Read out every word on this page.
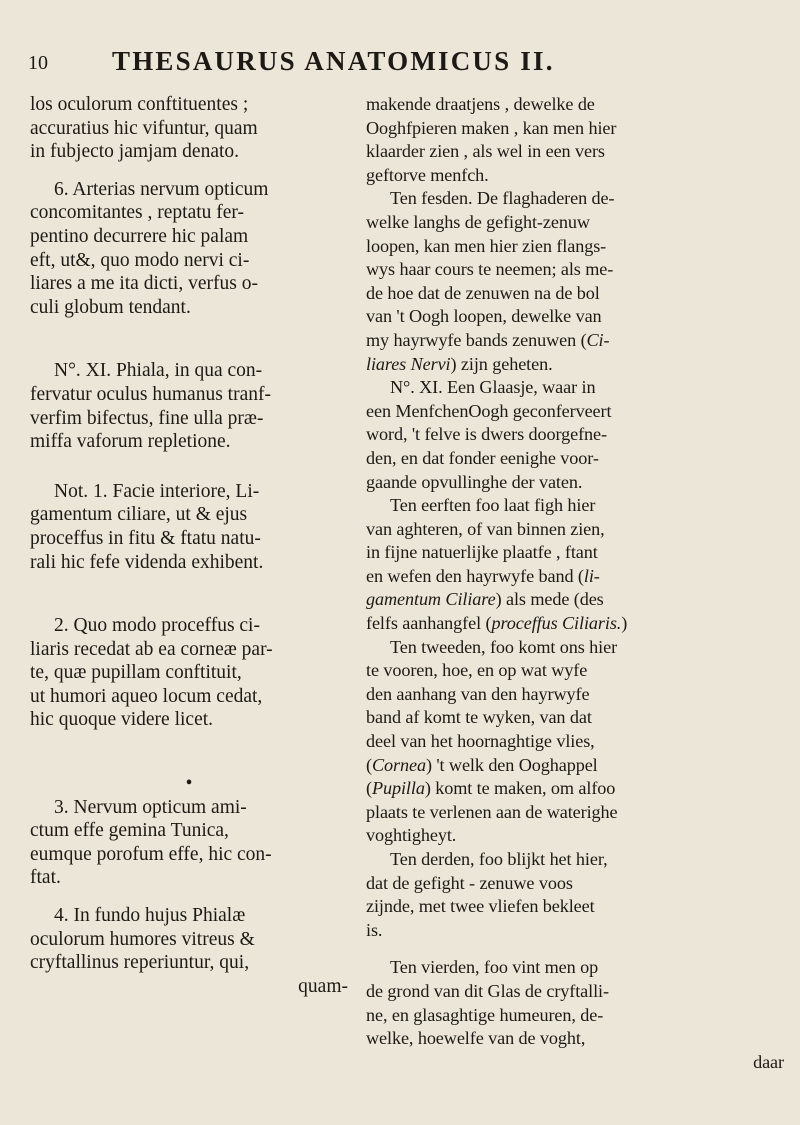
10 THESAURUS ANATOMICUS II.

los oculorum conftituentes ;

accuratius hic vifuntur, quam

in fubjecto jamjam denato.

6. Arterias nervum opticum

concomitantes , reptatu fer-

pentino decurrere hic palam

eft, ut&, quo modo nervi ci-

liares a me ita dicti, verfus o-

culi globum tendant.

N°. XI. Phiala, in qua con-

fervatur oculus humanus tranf-

verfim bifectus, fine ulla præ-

miffa vaforum repletione.

Not. 1. Facie interiore, Li-

gamentum ciliare, ut & ejus

proceffus in fitu & ftatu natu-

rali hic fefe videnda exhibent.

2. Quo modo proceffus ci-

liaris recedat ab ea corneæ par-

te, quæ pupillam conftituit,

ut humori aqueo locum cedat,

hic quoque videre licet.

•

3. Nervum opticum ami-

ctum effe gemina Tunica,

eumque porofum effe, hic con-

ftat.

4. In fundo hujus Phialæ

oculorum humores vitreus &

cryftallinus reperiuntur, qui,

quam-

makende draatjens , dewelke de

Ooghfpieren maken , kan men hier

klaarder zien , als wel in een vers

geftorve menfch.

Ten fesden. De flaghaderen de-

welke langhs de gefight-zenuw

loopen, kan men hier zien flangs-

wys haar cours te neemen; als me-

de hoe dat de zenuwen na de bol

van 't Oogh loopen, dewelke van

my hayrwyfe bands zenuwen (Ci-

liares Nervi) zijn geheten.

N°. XI. Een Glaasje, waar in

een MenfchenOogh geconferveert

word, 't felve is dwers doorgefne-

den, en dat fonder eenighe voor-

gaande opvullinghe der vaten.

Ten eerften foo laat figh hier

van aghteren, of van binnen zien,

in fijne natuerlijke plaatfe , ftant

en wefen den hayrwyfe band (li-

gamentum Ciliare) als mede (des

felfs aanhangfel (proceffus Ciliaris.)

Ten tweeden, foo komt ons hier

te vooren, hoe, en op wat wyfe

den aanhang van den hayrwyfe

band af komt te wyken, van dat

deel van het hoornaghtige vlies,

(Cornea) 't welk den Ooghappel

(Pupilla) komt te maken, om alfoo

plaats te verlenen aan de waterighe

voghtigheyt.

Ten derden, foo blijkt het hier,

dat de gefight - zenuwe voos

zijnde, met twee vliefen bekleet

is.

Ten vierden, foo vint men op

de grond van dit Glas de cryftalli-

ne, en glasaghtige humeuren, de-

welke, hoewelfe van de voght,

daar
